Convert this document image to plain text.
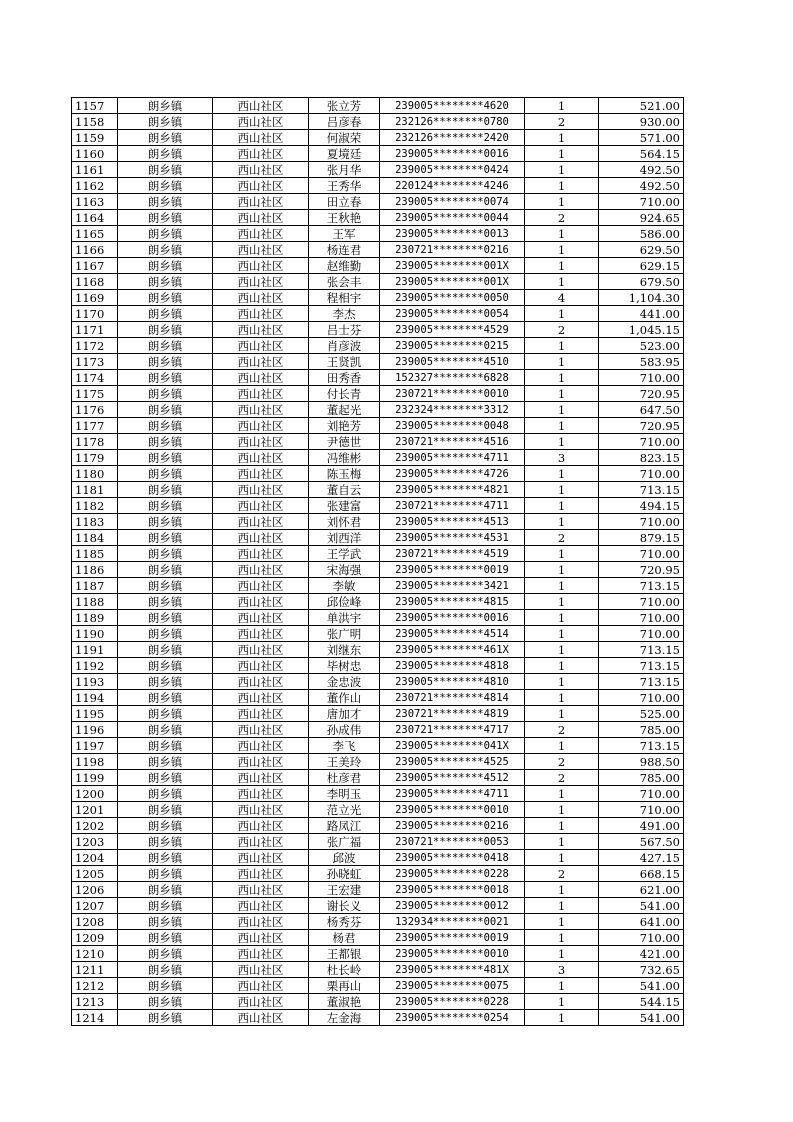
1157	朗乡镇	西山社区	张立芳	239005********4620	1	521.00
1158	朗乡镇	西山社区	吕彦春	232126********0780	2	930.00
1159	朗乡镇	西山社区	何淑荣	232126********2420	1	571.00
1160	朗乡镇	西山社区	夏境廷	239005********0016	1	564.15
1161	朗乡镇	西山社区	张月华	239005********0424	1	492.50
1162	朗乡镇	西山社区	王秀华	220124********4246	1	492.50
1163	朗乡镇	西山社区	田立春	239005********0074	1	710.00
1164	朗乡镇	西山社区	王秋艳	239005********0044	2	924.65
1165	朗乡镇	西山社区	王军	239005********0013	1	586.00
1166	朗乡镇	西山社区	杨连君	230721********0216	1	629.50
1167	朗乡镇	西山社区	赵维勤	239005********001X	1	629.15
1168	朗乡镇	西山社区	张会丰	239005********001X	1	679.50
1169	朗乡镇	西山社区	程相宇	239005********0050	4	1,104.30
1170	朗乡镇	西山社区	李杰	239005********0054	1	441.00
1171	朗乡镇	西山社区	吕士芬	239005********4529	2	1,045.15
1172	朗乡镇	西山社区	肖彦波	239005********0215	1	523.00
1173	朗乡镇	西山社区	王贤凯	239005********4510	1	583.95
1174	朗乡镇	西山社区	田秀香	152327********6828	1	710.00
1175	朗乡镇	西山社区	付长青	230721********0010	1	720.95
1176	朗乡镇	西山社区	董起光	232324********3312	1	647.50
1177	朗乡镇	西山社区	刘艳芳	239005********0048	1	720.95
1178	朗乡镇	西山社区	尹德世	230721********4516	1	710.00
1179	朗乡镇	西山社区	冯维彬	239005********4711	3	823.15
1180	朗乡镇	西山社区	陈玉梅	239005********4726	1	710.00
1181	朗乡镇	西山社区	董自云	239005********4821	1	713.15
1182	朗乡镇	西山社区	张建富	230721********4711	1	494.15
1183	朗乡镇	西山社区	刘怀君	239005********4513	1	710.00
1184	朗乡镇	西山社区	刘西洋	239005********4531	2	879.15
1185	朗乡镇	西山社区	王学武	230721********4519	1	710.00
1186	朗乡镇	西山社区	宋海强	239005********0019	1	720.95
1187	朗乡镇	西山社区	李敏	239005********3421	1	713.15
1188	朗乡镇	西山社区	邱俭峰	239005********4815	1	710.00
1189	朗乡镇	西山社区	单洪宇	239005********0016	1	710.00
1190	朗乡镇	西山社区	张广明	239005********4514	1	710.00
1191	朗乡镇	西山社区	刘继东	239005********461X	1	713.15
1192	朗乡镇	西山社区	毕树忠	239005********4818	1	713.15
1193	朗乡镇	西山社区	金忠波	239005********4810	1	713.15
1194	朗乡镇	西山社区	董作山	230721********4814	1	710.00
1195	朗乡镇	西山社区	唐加才	230721********4819	1	525.00
1196	朗乡镇	西山社区	孙成伟	230721********4717	2	785.00
1197	朗乡镇	西山社区	李飞	239005********041X	1	713.15
1198	朗乡镇	西山社区	王美玲	239005********4525	2	988.50
1199	朗乡镇	西山社区	杜彦君	239005********4512	2	785.00
1200	朗乡镇	西山社区	李明玉	239005********4711	1	710.00
1201	朗乡镇	西山社区	范立光	239005********0010	1	710.00
1202	朗乡镇	西山社区	路凤江	239005********0216	1	491.00
1203	朗乡镇	西山社区	张广福	230721********0053	1	567.50
1204	朗乡镇	西山社区	邱波	239005********0418	1	427.15
1205	朗乡镇	西山社区	孙晓虹	239005********0228	2	668.15
1206	朗乡镇	西山社区	王宏建	239005********0018	1	621.00
1207	朗乡镇	西山社区	谢长义	239005********0012	1	541.00
1208	朗乡镇	西山社区	杨秀芬	132934********0021	1	641.00
1209	朗乡镇	西山社区	杨君	239005********0019	1	710.00
1210	朗乡镇	西山社区	王都银	239005********0010	1	421.00
1211	朗乡镇	西山社区	杜长岭	239005********481X	3	732.65
1212	朗乡镇	西山社区	栗再山	239005********0075	1	541.00
1213	朗乡镇	西山社区	董淑艳	239005********0228	1	544.15
1214	朗乡镇	西山社区	左金海	239005********0254	1	541.00
